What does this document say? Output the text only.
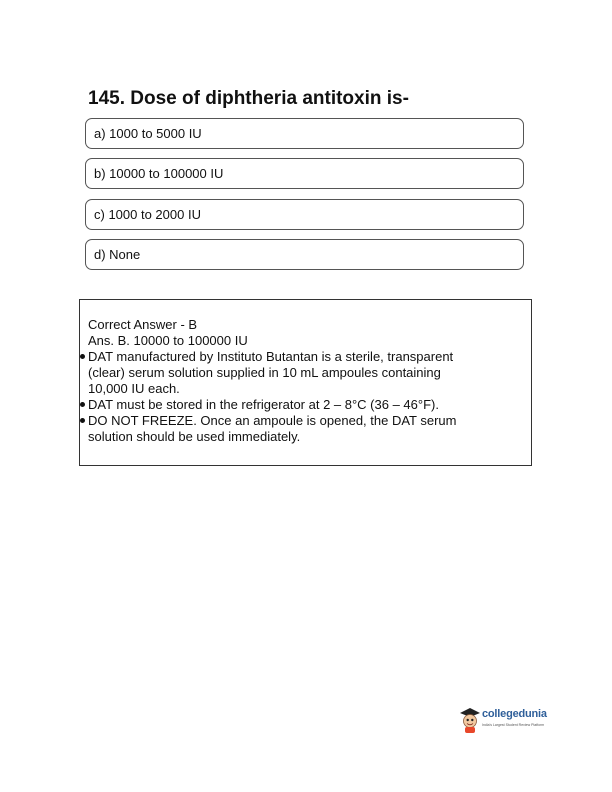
145. Dose of diphtheria antitoxin is-
a) 1000 to 5000 IU
b) 10000 to 100000 IU
c) 1000 to 2000 IU
d) None

Correct Answer - B

Ans. B. 10000 to 100000 IU

DAT manufactured by Instituto Butantan is a sterile, transparent

(clear) serum solution supplied in 10 mL ampoules containing

10,000 IU each.

DAT must be stored in the refrigerator at 2 – 8°C (36 – 46°F).

DO NOT FREEZE. Once an ampoule is opened, the DAT serum

solution should be used immediately.

collegedunia
India's Largest Student Review Platform
